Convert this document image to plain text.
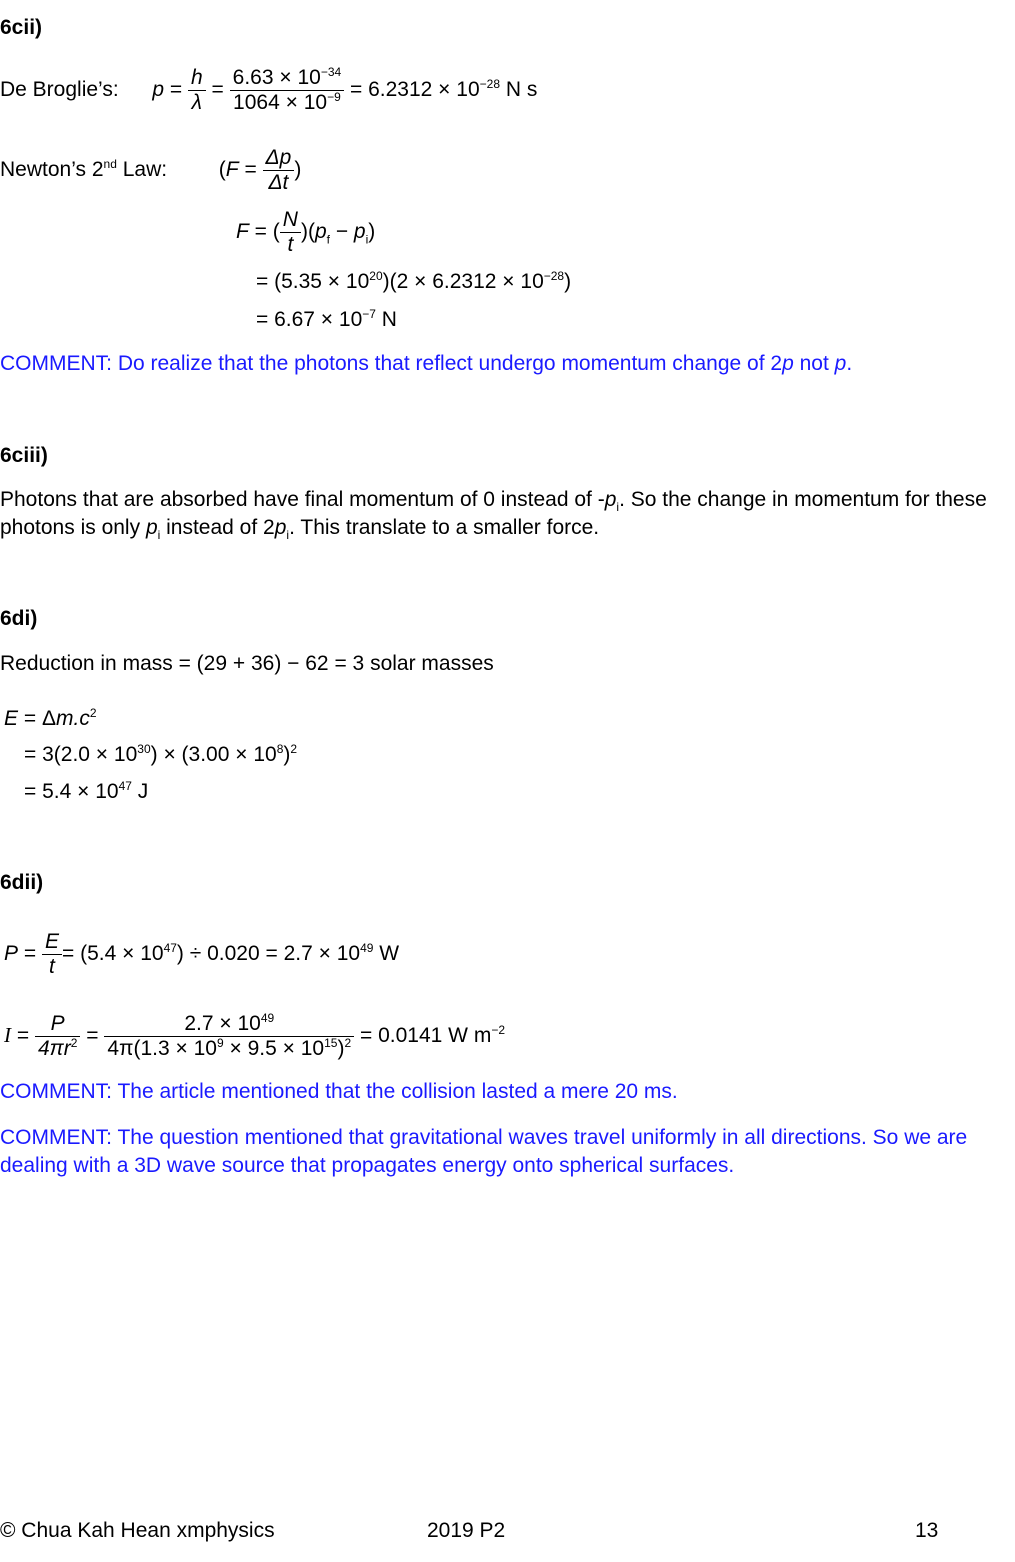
6cii)
De Broglie’s: $p = \frac{h}{\lambda} = \frac{6.63 \times 10^{-34}}{1064 \times 10^{-9}} = 6.2312 \times 10^{-28}$ N s
Newton’s 2nd Law: ($F = \frac{\Delta p}{\Delta t}$ )
F = ( $\frac{N}{t} )(p_f - p_i)$
= $(5.35 \times 10^{20})(2 \times 6.2312 \times 10^{-28})$
= $6.67 \times 10^{-7}$ N
COMMENT: Do realize that the photons that reflect undergo momentum change of 2p not p.
6ciii)
Photons that are absorbed have final momentum of 0 instead of $-p_i$. So the change in momentum for these photons is only $p_i$ instead of $2p_i$. This translate to a smaller force.
6di)
Reduction in mass = (29 + 36) − 62 = 3 solar masses
$E = \Delta m.c^2$
= $3(2.0 \times 10^{30}) \times (3.00 \times 10^8)^2$
= $5.4 \times 10^{47}$ J
6dii)
$P = \frac{E}{t} = (5.4 \times 10^{47}) \div 0.020 = 2.7 \times 10^{49}$ W
$I = \frac{P}{4\pi r^2} = \frac{2.7 \times 10^{49}}{4\pi(1.3 \times 10^9 \times 9.5 \times 10^{15})^2} = 0.0141$ W $m^{-2}$
COMMENT: The article mentioned that the collision lasted a mere 20 ms.
COMMENT: The question mentioned that gravitational waves travel uniformly in all directions. So we are dealing with a 3D wave source that propagates energy onto spherical surfaces.
© Chua Kah Hean xmphysics	2019 P2	13
